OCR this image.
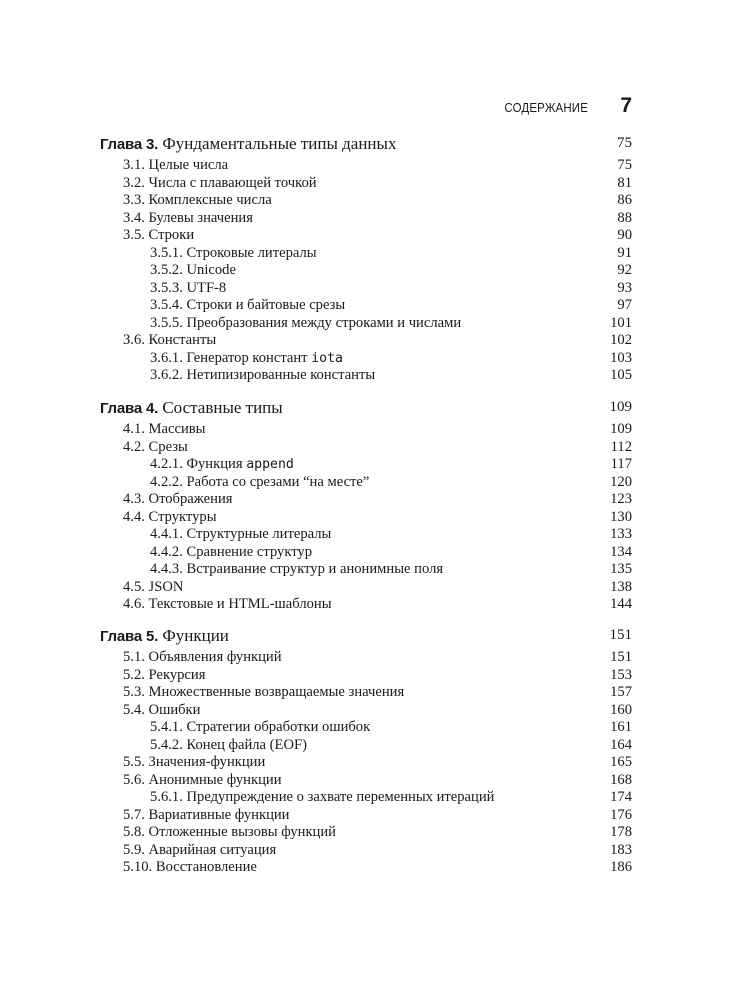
СОДЕРЖАНИЕ 7
Глава 3. Фундаментальные типы данных	75
3.1. Целые числа	75
3.2. Числа с плавающей точкой	81
3.3. Комплексные числа	86
3.4. Булевы значения	88
3.5. Строки	90
3.5.1. Строковые литералы	91
3.5.2. Unicode	92
3.5.3. UTF-8	93
3.5.4. Строки и байтовые срезы	97
3.5.5. Преобразования между строками и числами	101
3.6. Константы	102
3.6.1. Генератор констант iota	103
3.6.2. Нетипизированные константы	105
Глава 4. Составные типы	109
4.1. Массивы	109
4.2. Срезы	112
4.2.1. Функция append	117
4.2.2. Работа со срезами “на месте”	120
4.3. Отображения	123
4.4. Структуры	130
4.4.1. Структурные литералы	133
4.4.2. Сравнение структур	134
4.4.3. Встраивание структур и анонимные поля	135
4.5. JSON	138
4.6. Текстовые и HTML-шаблоны	144
Глава 5. Функции	151
5.1. Объявления функций	151
5.2. Рекурсия	153
5.3. Множественные возвращаемые значения	157
5.4. Ошибки	160
5.4.1. Стратегии обработки ошибок	161
5.4.2. Конец файла (EOF)	164
5.5. Значения-функции	165
5.6. Анонимные функции	168
5.6.1. Предупреждение о захвате переменных итераций	174
5.7. Вариативные функции	176
5.8. Отложенные вызовы функций	178
5.9. Аварийная ситуация	183
5.10. Восстановление	186
